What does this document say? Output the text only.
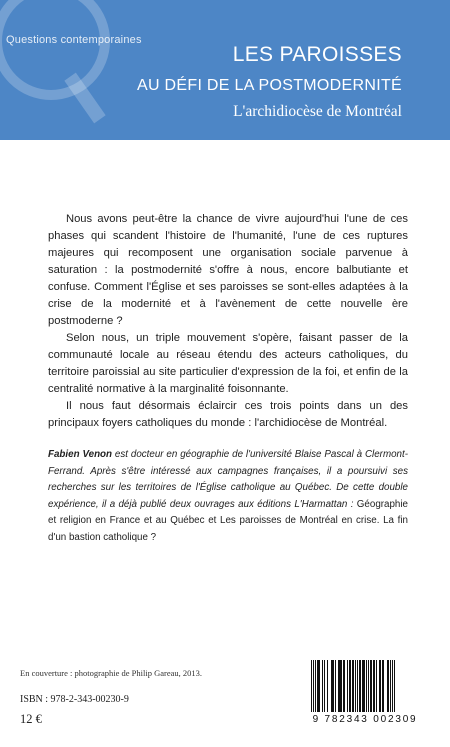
Questions contemporaines
LES PAROISSES
AU DÉFI DE LA POSTMODERNITÉ
L'archidiocèse de Montréal

Nous avons peut-être la chance de vivre aujourd'hui l'une de ces phases qui scandent l'histoire de l'humanité, l'une de ces ruptures majeures qui recomposent une organisation sociale parvenue à saturation : la postmodernité s'offre à nous, encore balbutiante et confuse. Comment l'Église et ses paroisses se sont-elles adaptées à la crise de la modernité et à l'avènement de cette nouvelle ère postmoderne ?

Selon nous, un triple mouvement s'opère, faisant passer de la communauté locale au réseau étendu des acteurs catholiques, du territoire paroissial au site particulier d'expression de la foi, et enfin de la centralité normative à la marginalité foisonnante.

Il nous faut désormais éclaircir ces trois points dans un des principaux foyers catholiques du monde : l'archidiocèse de Montréal.

Fabien Venon est docteur en géographie de l'université Blaise Pascal à Clermont-Ferrand. Après s'être intéressé aux campagnes françaises, il a poursuivi ses recherches sur les territoires de l'Église catholique au Québec. De cette double expérience, il a déjà publié deux ouvrages aux éditions L'Harmattan : Géographie et religion en France et au Québec et Les paroisses de Montréal en crise. La fin d'un bastion catholique ?
En couverture : photographie de Philip Gareau, 2013.
ISBN : 978-2-343-00230-9
12 €	9 782343 002309
